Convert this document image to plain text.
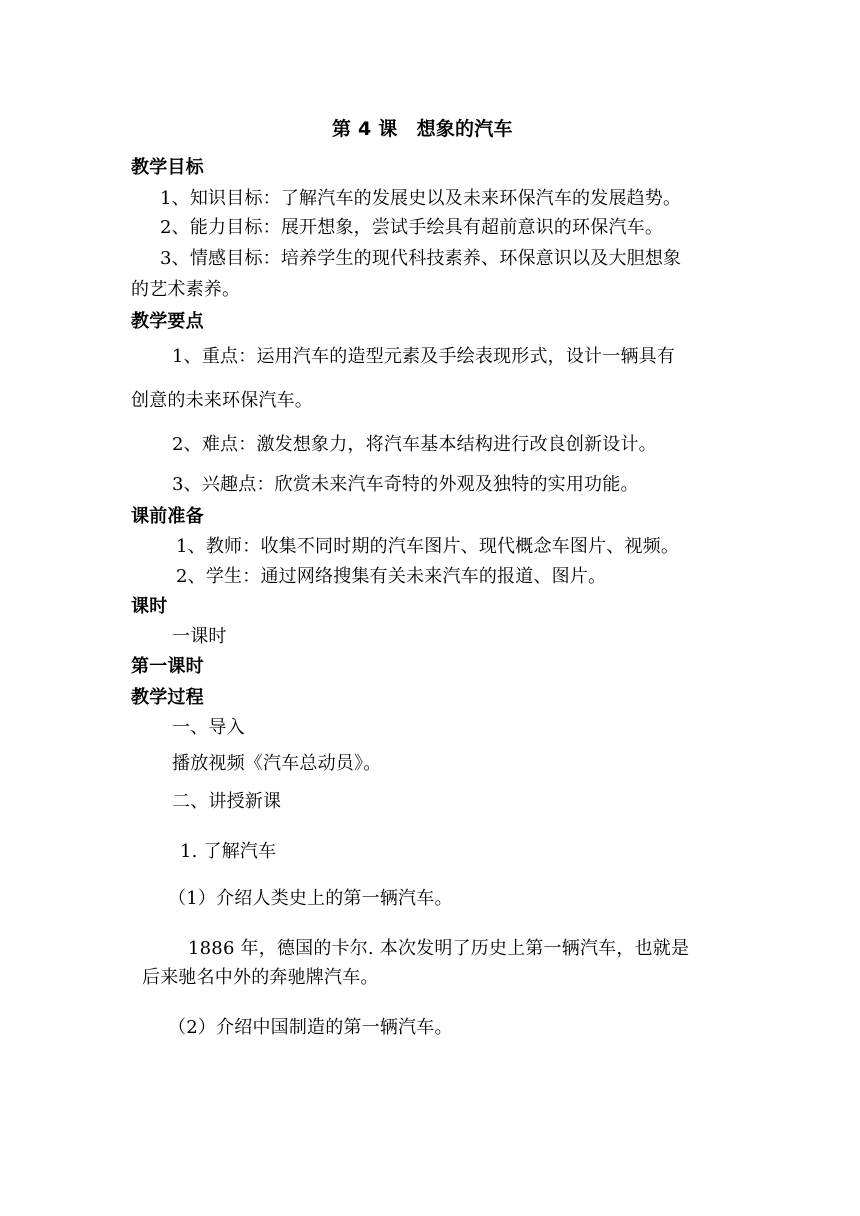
第 4 课　想象的汽车
教学目标
1、知识目标：了解汽车的发展史以及未来环保汽车的发展趋势。
2、能力目标：展开想象，尝试手绘具有超前意识的环保汽车。
3、情感目标：培养学生的现代科技素养、环保意识以及大胆想象
的艺术素养。
教学要点
1、重点：运用汽车的造型元素及手绘表现形式，设计一辆具有
创意的未来环保汽车。
2、难点：激发想象力，将汽车基本结构进行改良创新设计。
3、兴趣点：欣赏未来汽车奇特的外观及独特的实用功能。
课前准备
1、教师：收集不同时期的汽车图片、现代概念车图片、视频。
2、学生：通过网络搜集有关未来汽车的报道、图片。
课时
一课时
第一课时
教学过程
一、导入
播放视频《汽车总动员》。
二、讲授新课
1. 了解汽车
（1）介绍人类史上的第一辆汽车。
1886 年，德国的卡尔. 本次发明了历史上第一辆汽车，也就是
后来驰名中外的奔驰牌汽车。
（2）介绍中国制造的第一辆汽车。
